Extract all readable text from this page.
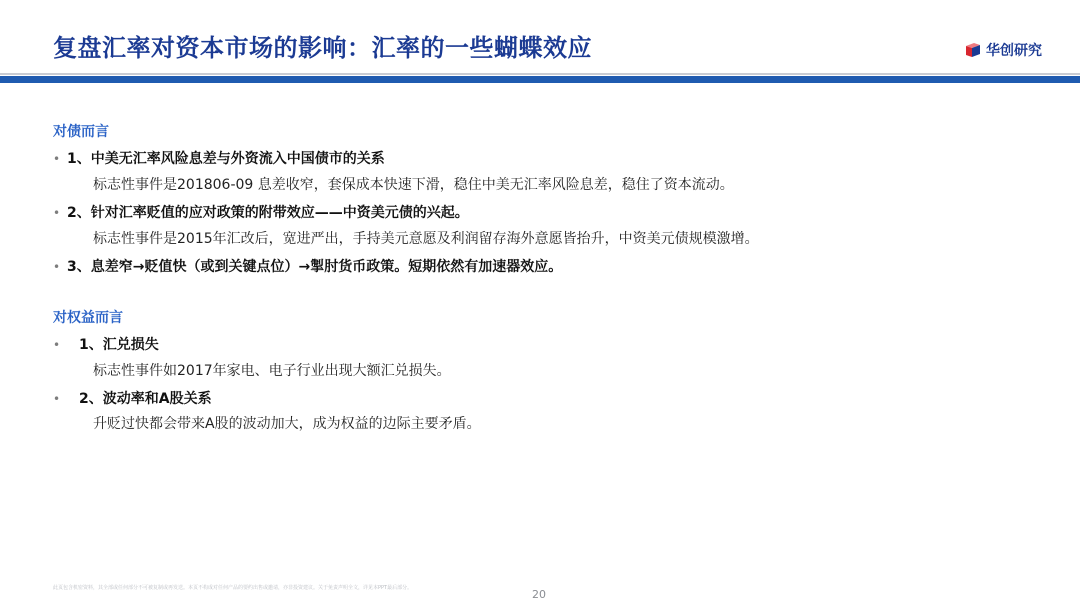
复盘汇率对资本市场的影响：汇率的一些蝴蝶效应	华创研究
对债而言
• 1、中美无汇率风险息差与外资流入中国债市的关系
标志性事件是201806-09 息差收窄，套保成本快速下滑，稳住中美无汇率风险息差，稳住了资本流动。
• 2、针对汇率贬值的应对政策的附带效应——中资美元债的兴起。
标志性事件是2015年汇改后，宽进严出，手持美元意愿及利润留存海外意愿皆抬升，中资美元债规模激增。
• 3、息差窄→贬值快（或到关键点位）→掣肘货币政策。短期依然有加速器效应。
对权益而言
•	1、汇兑损失
标志性事件如2017年家电、电子行业出现大额汇兑损失。
•	2、波动率和A股关系
升贬过快都会带来A股的波动加大，成为权益的边际主要矛盾。
此页包含机密资料，其全部或任何部分不可被复制或再发送。本页不构成对任何产品的要约出售或邀请，亦非投资建议。关于免责声明全文，详见本PPT最后部分。	20
